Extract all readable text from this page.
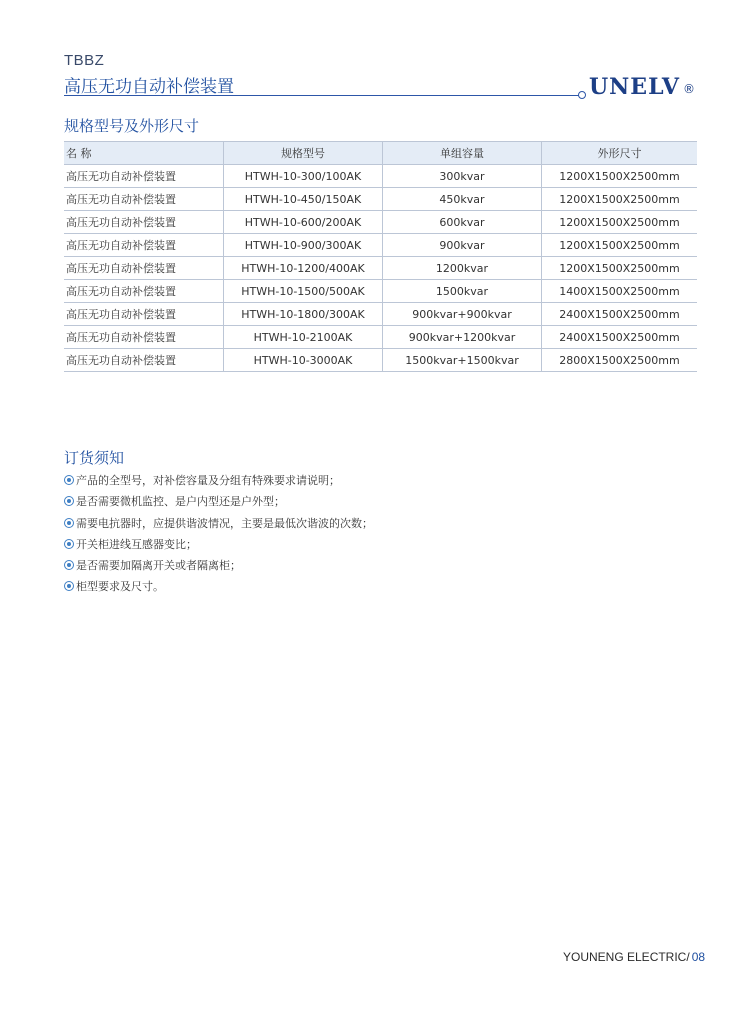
TBBZ
高压无功自动补偿装置	UNELV ®
规格型号及外形尺寸
名 称	规格型号	单组容量	外形尺寸
高压无功自动补偿装置	HTWH-10-300/100AK	300kvar	1200X1500X2500mm
高压无功自动补偿装置	HTWH-10-450/150AK	450kvar	1200X1500X2500mm
高压无功自动补偿装置	HTWH-10-600/200AK	600kvar	1200X1500X2500mm
高压无功自动补偿装置	HTWH-10-900/300AK	900kvar	1200X1500X2500mm
高压无功自动补偿装置	HTWH-10-1200/400AK	1200kvar	1200X1500X2500mm
高压无功自动补偿装置	HTWH-10-1500/500AK	1500kvar	1400X1500X2500mm
高压无功自动补偿装置	HTWH-10-1800/300AK	900kvar+900kvar	2400X1500X2500mm
高压无功自动补偿装置	HTWH-10-2100AK	900kvar+1200kvar	2400X1500X2500mm
高压无功自动补偿装置	HTWH-10-3000AK	1500kvar+1500kvar	2800X1500X2500mm
订货须知
产品的全型号，对补偿容量及分组有特殊要求请说明；
是否需要微机监控、是户内型还是户外型；
需要电抗器时，应提供谐波情况，主要是最低次谐波的次数；
开关柜进线互感器变比；
是否需要加隔离开关或者隔离柜；
柜型要求及尺寸。
YOUNENG ELECTRIC/ 08
